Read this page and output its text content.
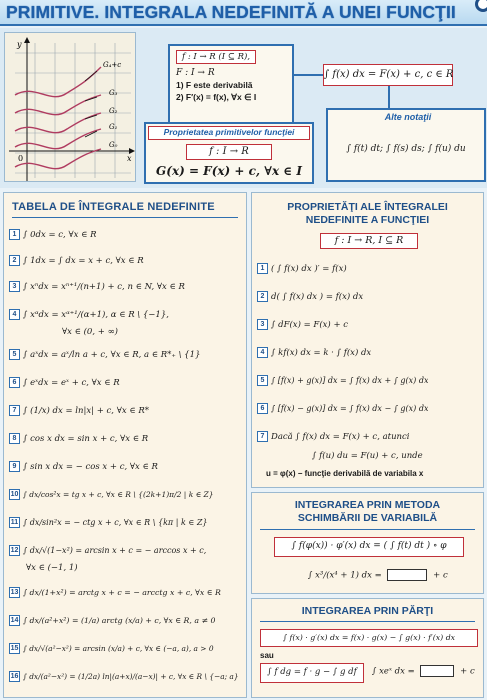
PRIMITIVE. INTEGRALA NEDEFINITĂ A UNEI FUNCŢII
y
x
0
G₄+c
G₃
G₂
G₁
G₀
f : I → R (I ⊆ R),
F : I → R
1) F este derivabilă
2) F′(x) = f(x), ∀x ∈ I
∫ f(x) dx = F(x) + c, c ∈ R
Proprietatea primitivelor funcţiei
f : I → R
G(x) = F(x) + c, ∀x ∈ I
Alte notaţii
∫ f(t) dt; ∫ f(s) ds; ∫ f(u) du
TABELA DE ÎNTEGRALE NEDEFINITE
1 ∫ 0dx = c, ∀x ∈ R
2 ∫ 1dx = ∫ dx = x + c, ∀x ∈ R
3 ∫ xⁿdx = xⁿ⁺¹/(n+1) + c, n ∈ N, ∀x ∈ R
4 ∫ xᵅdx = xᵅ⁺¹/(α+1), α ∈ R \ {−1},
∀x ∈ (0, + ∞)
5 ∫ aˣdx = aˣ/ln a + c, ∀x ∈ R, a ∈ R*₊ \ {1}
6 ∫ eˣdx = eˣ + c, ∀x ∈ R
7 ∫ (1/x) dx = ln|x| + c, ∀x ∈ R*
8 ∫ cos x dx = sin x + c, ∀x ∈ R
9 ∫ sin x dx = − cos x + c, ∀x ∈ R
10 ∫ dx/cos²x = tg x + c, ∀x ∈ R \ {(2k+1)π/2 | k ∈ Z}
11 ∫ dx/sin²x = − ctg x + c, ∀x ∈ R \ {kπ | k ∈ Z}
12 ∫ dx/√(1−x²) = arcsin x + c = − arccos x + c,
∀x ∈ (−1, 1)
13 ∫ dx/(1+x²) = arctg x + c = − arcctg x + c, ∀x ∈ R
14 ∫ dx/(a²+x²) = (1/a) arctg (x/a) + c, ∀x ∈ R, a ≠ 0
15 ∫ dx/√(a²−x²) = arcsin (x/a) + c, ∀x ∈ (−a, a), a > 0
16 ∫ dx/(a²−x²) = (1/2a) ln|(a+x)/(a−x)| + c, ∀x ∈ R \ {−a; a}
PROPRIETĂŢI ALE ÎNTEGRALEI
NEDEFINITE A FUNCŢIEI
f : I → R, I ⊆ R
1 ( ∫ f(x) dx )′ = f(x)
2 d( ∫ f(x) dx ) = f(x) dx
3 ∫ dF(x) = F(x) + c
4 ∫ kf(x) dx = k · ∫ f(x) dx
5 ∫ [f(x) + g(x)] dx = ∫ f(x) dx + ∫ g(x) dx
6 ∫ [f(x) − g(x)] dx = ∫ f(x) dx − ∫ g(x) dx
7 Dacă ∫ f(x) dx = F(x) + c, atunci
∫ f(u) du = F(u) + c, unde
u = φ(x) − funcţie derivabilă de variabila x
INTEGRAREA PRIN METODA
SCHIMBĂRII DE VARIABILĂ
∫ f(φ(x)) · φ′(x) dx = ( ∫ f(t) dt ) ∘ φ
∫ x³/(x⁴ + 1) dx =	+ c
INTEGRAREA PRIN PĂRŢI
∫ f(x) · g′(x) dx = f(x) · g(x) − ∫ g(x) · f′(x) dx
sau
∫ f dg = f · g − ∫ g df	∫ xeˣ dx =	+ c
